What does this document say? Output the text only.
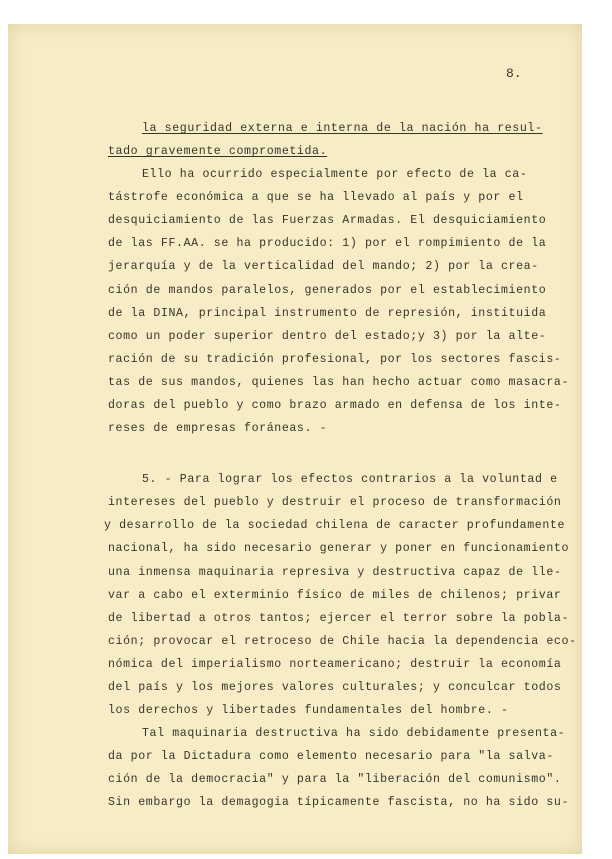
8.
la seguridad externa e interna de la nación ha resul-
tado gravemente comprometida.
Ello ha ocurrido especialmente por efecto de la ca-
tástrofe económica a que se ha llevado al país y por el
desquiciamiento de las Fuerzas Armadas. El desquiciamiento
de las FF.AA. se ha producido: 1) por el rompimiento de la
jerarquía y de la verticalidad del mando; 2) por la crea-
ción de mandos paralelos, generados por el establecimiento
de la DINA, principal instrumento de represión, instituida
como un poder superior dentro del estado;y 3) por la alte-
ración de su tradición profesional, por los sectores fascis-
tas de sus mandos, quienes las han hecho actuar como masacra-
doras del pueblo y como brazo armado en defensa de los inte-
reses de empresas foráneas. -
5. - Para lograr los efectos contrarios a la voluntad e
intereses del pueblo y destruir el proceso de transformación
y desarrollo de la sociedad chilena de caracter profundamente
nacional, ha sido necesario generar y poner en funcionamiento
una inmensa maquinaria represiva y destructiva capaz de lle-
var a cabo el exterminio físico de miles de chilenos; privar
de libertad a otros tantos; ejercer el terror sobre la pobla-
ción; provocar el retroceso de Chile hacia la dependencia eco-
nómica del imperialismo norteamericano; destruir la economía
del país y los mejores valores culturales; y conculcar todos
los derechos y libertades fundamentales del hombre. -
Tal maquinaria destructiva ha sido debidamente presenta-
da por la Dictadura como elemento necesario para "la salva-
ción de la democracia" y para la "liberación del comunismo".
Sin embargo la demagogia típicamente fascista, no ha sido su-
